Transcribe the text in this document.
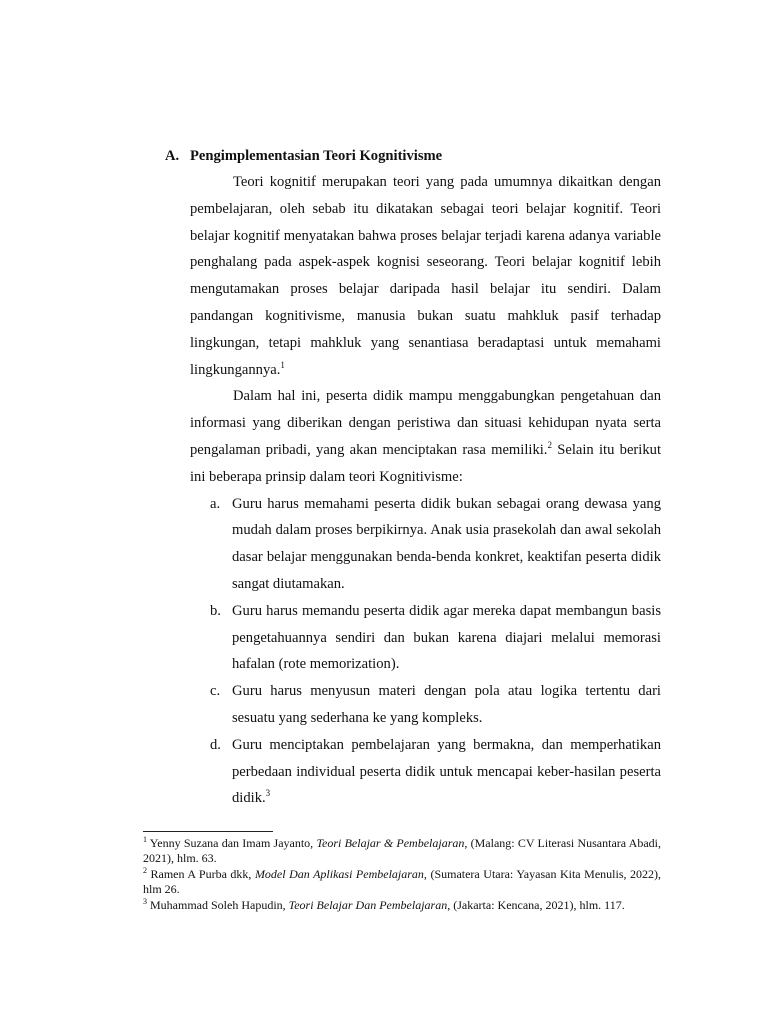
A. Pengimplementasian Teori Kognitivisme

Teori kognitif merupakan teori yang pada umumnya dikaitkan dengan pembelajaran, oleh sebab itu dikatakan sebagai teori belajar kognitif. Teori belajar kognitif menyatakan bahwa proses belajar terjadi karena adanya variable penghalang pada aspek-aspek kognisi seseorang. Teori belajar kognitif lebih mengutamakan proses belajar daripada hasil belajar itu sendiri. Dalam pandangan kognitivisme, manusia bukan suatu mahkluk pasif terhadap lingkungan, tetapi mahkluk yang senantiasa beradaptasi untuk memahami lingkungannya.$^1$

Dalam hal ini, peserta didik mampu menggabungkan pengetahuan dan informasi yang diberikan dengan peristiwa dan situasi kehidupan nyata serta pengalaman pribadi, yang akan menciptakan rasa memiliki.$^2$ Selain itu berikut ini beberapa prinsip dalam teori Kognitivisme:

a. Guru harus memahami peserta didik bukan sebagai orang dewasa yang mudah dalam proses berpikirnya. Anak usia prasekolah dan awal sekolah dasar belajar menggunakan benda-benda konkret, keaktifan peserta didik sangat diutamakan.
b. Guru harus memandu peserta didik agar mereka dapat membangun basis pengetahuannya sendiri dan bukan karena diajari melalui memorasi hafalan (rote memorization).
c. Guru harus menyusun materi dengan pola atau logika tertentu dari sesuatu yang sederhana ke yang kompleks.
d. Guru menciptakan pembelajaran yang bermakna, dan memperhatikan perbedaan individual peserta didik untuk mencapai keber-hasilan peserta didik.$^3$

$^1$ Yenny Suzana dan Imam Jayanto, Teori Belajar & Pembelajaran, (Malang: CV Literasi Nusantara Abadi, 2021), hlm. 63.

$^2$ Ramen A Purba dkk, Model Dan Aplikasi Pembelajaran, (Sumatera Utara: Yayasan Kita Menulis, 2022), hlm 26.

$^3$ Muhammad Soleh Hapudin, Teori Belajar Dan Pembelajaran, (Jakarta: Kencana, 2021), hlm. 117.
